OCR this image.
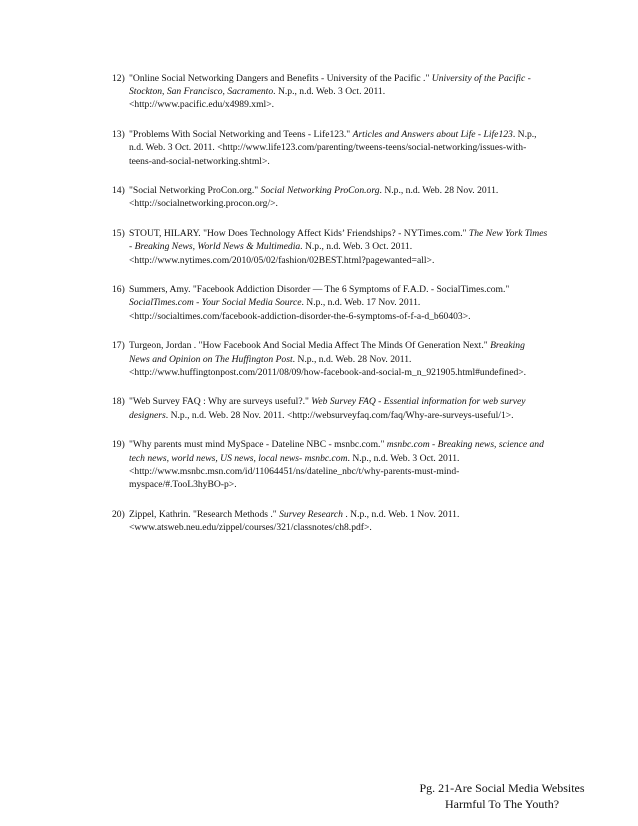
12) "Online Social Networking Dangers and Benefits - University of the Pacific ." University of the Pacific - Stockton, San Francisco, Sacramento. N.p., n.d. Web. 3 Oct. 2011.
<http://www.pacific.edu/x4989.xml>.
13) "Problems With Social Networking and Teens - Life123." Articles and Answers about Life - Life123. N.p., n.d. Web. 3 Oct. 2011. <http://www.life123.com/parenting/tweens-teens/social-networking/issues-with-teens-and-social-networking.shtml>.
14) "Social Networking ProCon.org." Social Networking ProCon.org. N.p., n.d. Web. 28 Nov. 2011.
<http://socialnetworking.procon.org/>.
15) STOUT, HILARY. "How Does Technology Affect Kids’ Friendships? - NYTimes.com." The New York Times - Breaking News, World News & Multimedia. N.p., n.d. Web. 3 Oct. 2011.
<http://www.nytimes.com/2010/05/02/fashion/02BEST.html?pagewanted=all>.
16) Summers, Amy. "Facebook Addiction Disorder — The 6 Symptoms of F.A.D. - SocialTimes.com." SocialTimes.com - Your Social Media Source. N.p., n.d. Web. 17 Nov. 2011.
<http://socialtimes.com/facebook-addiction-disorder-the-6-symptoms-of-f-a-d_b60403>.
17) Turgeon, Jordan . "How Facebook And Social Media Affect The Minds Of Generation Next." Breaking News and Opinion on The Huffington Post. N.p., n.d. Web. 28 Nov. 2011.
<http://www.huffingtonpost.com/2011/08/09/how-facebook-and-social-m_n_921905.html#undefined>.
18) "Web Survey FAQ : Why are surveys useful?." Web Survey FAQ - Essential information for web survey designers. N.p., n.d. Web. 28 Nov. 2011. <http://websurveyfaq.com/faq/Why-are-surveys-useful/1>.
19) "Why parents must mind MySpace - Dateline NBC - msnbc.com." msnbc.com - Breaking news, science and tech news, world news, US news, local news- msnbc.com. N.p., n.d. Web. 3 Oct. 2011. <http://www.msnbc.msn.com/id/11064451/ns/dateline_nbc/t/why-parents-must-mind-myspace/#.TooL3hyBO-p>.
20) Zippel, Kathrin. "Research Methods ." Survey Research . N.p., n.d. Web. 1 Nov. 2011.
<www.atsweb.neu.edu/zippel/courses/321/classnotes/ch8.pdf>.
Pg. 21-Are Social Media Websites
Harmful To The Youth?
